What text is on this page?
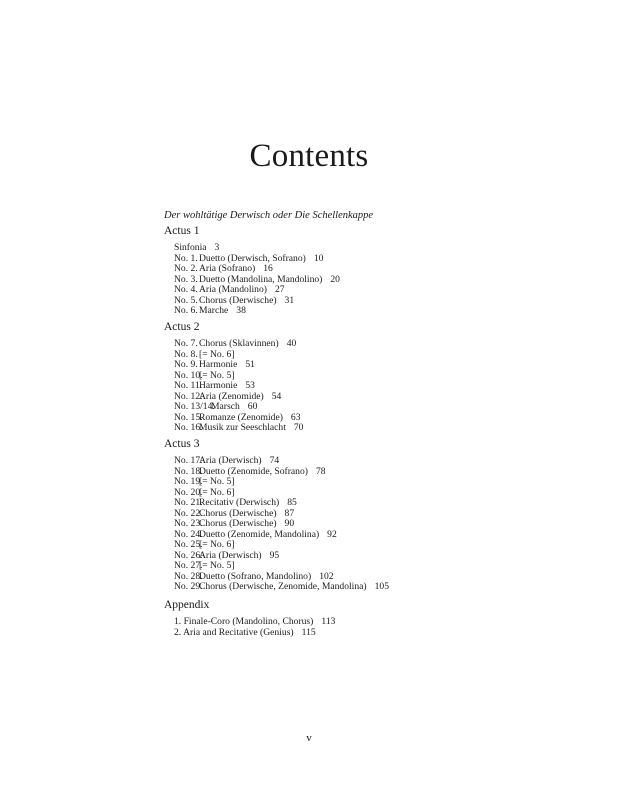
Contents
Der wohltätige Derwisch oder Die Schellenkappe
Actus 1
Sinfonia 3
No. 1. Duetto (Derwisch, Sofrano) 10
No. 2. Aria (Sofrano) 16
No. 3. Duetto (Mandolina, Mandolino) 20
No. 4. Aria (Mandolino) 27
No. 5. Chorus (Derwische) 31
No. 6. Marche 38
Actus 2
No. 7. Chorus (Sklavinnen) 40
No. 8. [= No. 6]
No. 9. Harmonie 51
No. 10.
[= No. 5]
No. 11.
Harmonie 53
No. 12.
Aria (Zenomide) 54
No. 13/14.
Marsch 60
No. 15.
Romanze (Zenomide) 63
No. 16.
Musik zur Seeschlacht 70
Actus 3
No. 17.
Aria (Derwisch) 74
No. 18.
Duetto (Zenomide, Sofrano) 78
No. 19.
[= No. 5]
No. 20.
[= No. 6]
No. 21.
Recitativ (Derwisch) 85
No. 22.
Chorus (Derwische) 87
No. 23.
Chorus (Derwische) 90
No. 24.
Duetto (Zenomide, Mandolina) 92
No. 25.
[= No. 6]
No. 26.
Aria (Derwisch) 95
No. 27.
[= No. 5]
No. 28.
Duetto (Sofrano, Mandolino) 102
No. 29.
Chorus (Derwische, Zenomide, Mandolina) 105
Appendix
1. Finale-Coro (Mandolino, Chorus) 113
2. Aria and Recitative (Genius) 115
v
